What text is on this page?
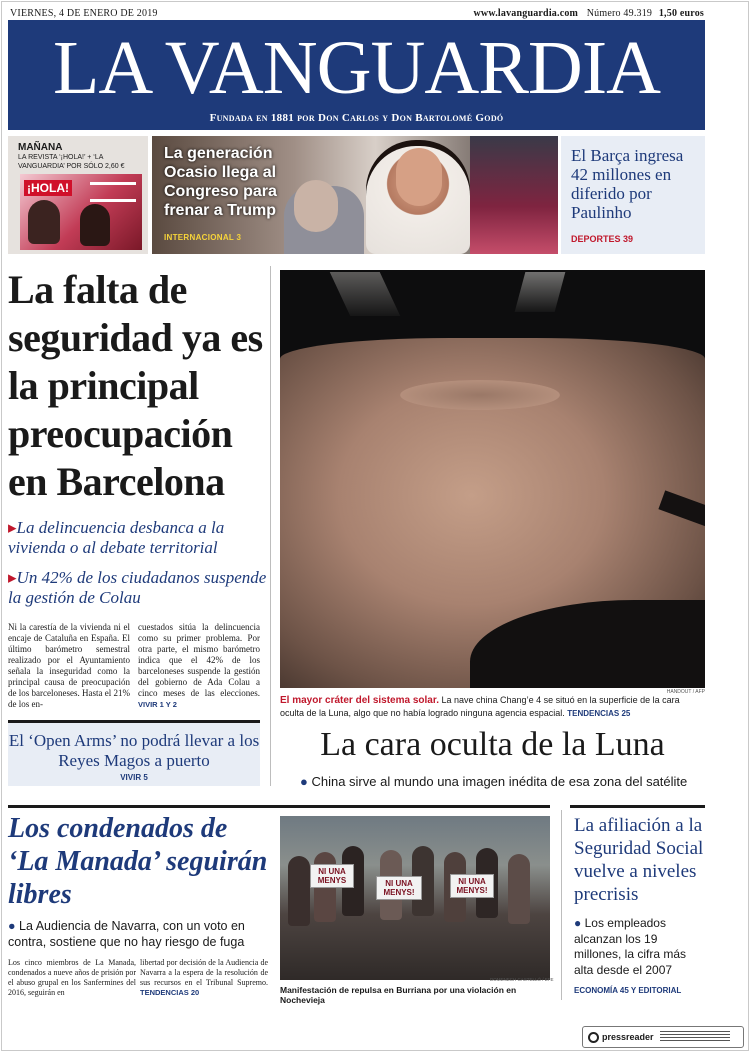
VIERNES, 4 DE ENERO DE 2019	www.lavanguardia.com Número 49.319 1,50 euros
LA VANGUARDIA
Fundada en 1881 por Don Carlos y Don Bartolomé Godó
MAÑANA
LA REVISTA ‘¡HOLA!’ + ‘LA VANGUARDIA’ POR SÓLO 2,60 €
¡HOLA!
La generación Ocasio llega al Congreso para frenar a Trump
INTERNACIONAL 3
El Barça ingresa 42 millones en diferido por Paulinho
DEPORTES 39
La falta de seguridad ya es la principal preocupación en Barcelona
▸La delincuencia desbanca a la vivienda o al debate territorial
▸Un 42% de los ciudadanos suspende la gestión de Colau
Ni la carestía de la vivienda ni el encaje de Cataluña en España. El último barómetro semestral realizado por el Ayuntamiento señala la inseguridad como la principal causa de preocupación de los barceloneses. Hasta el 21% de los en-
cuestados sitúa la delincuencia como su primer problema. Por otra parte, el mismo barómetro indica que el 42% de los barceloneses suspende la gestión del gobierno de Ada Colau a cinco meses de las elecciones. VIVIR 1 Y 2
El ‘Open Arms’ no podrá llevar a los Reyes Magos a puerto
VIVIR 5
HANDOUT / AFP
El mayor cráter del sistema solar. La nave china Chang’e 4 se situó en la superficie de la cara oculta de la Luna, algo que no había logrado ninguna agencia espacial. TENDENCIAS 25
La cara oculta de la Luna
● China sirve al mundo una imagen inédita de esa zona del satélite
Los condenados de ‘La Manada’ seguirán libres
● La Audiencia de Navarra, con un voto en contra, sostiene que no hay riesgo de fuga
Los cinco miembros de La Manada, condenados a nueve años de prisión por el abuso grupal en los Sanfermines del 2016, seguirán en
libertad por decisión de la Audiencia de Navarra a la espera de la resolución de sus recursos en el Tribunal Supremo. TENDENCIAS 20
NI UNA MENYS	NI UNA MENYS!
NI UNA MENYS!
DOMENECH CASTELLÓ / EFE
Manifestación de repulsa en Burriana por una violación en Nochevieja
La afiliación a la Seguridad Social vuelve a niveles precrisis
● Los empleados alcanzan los 19 millones, la cifra más alta desde el 2007
ECONOMÍA 45 Y EDITORIAL
pressreader
